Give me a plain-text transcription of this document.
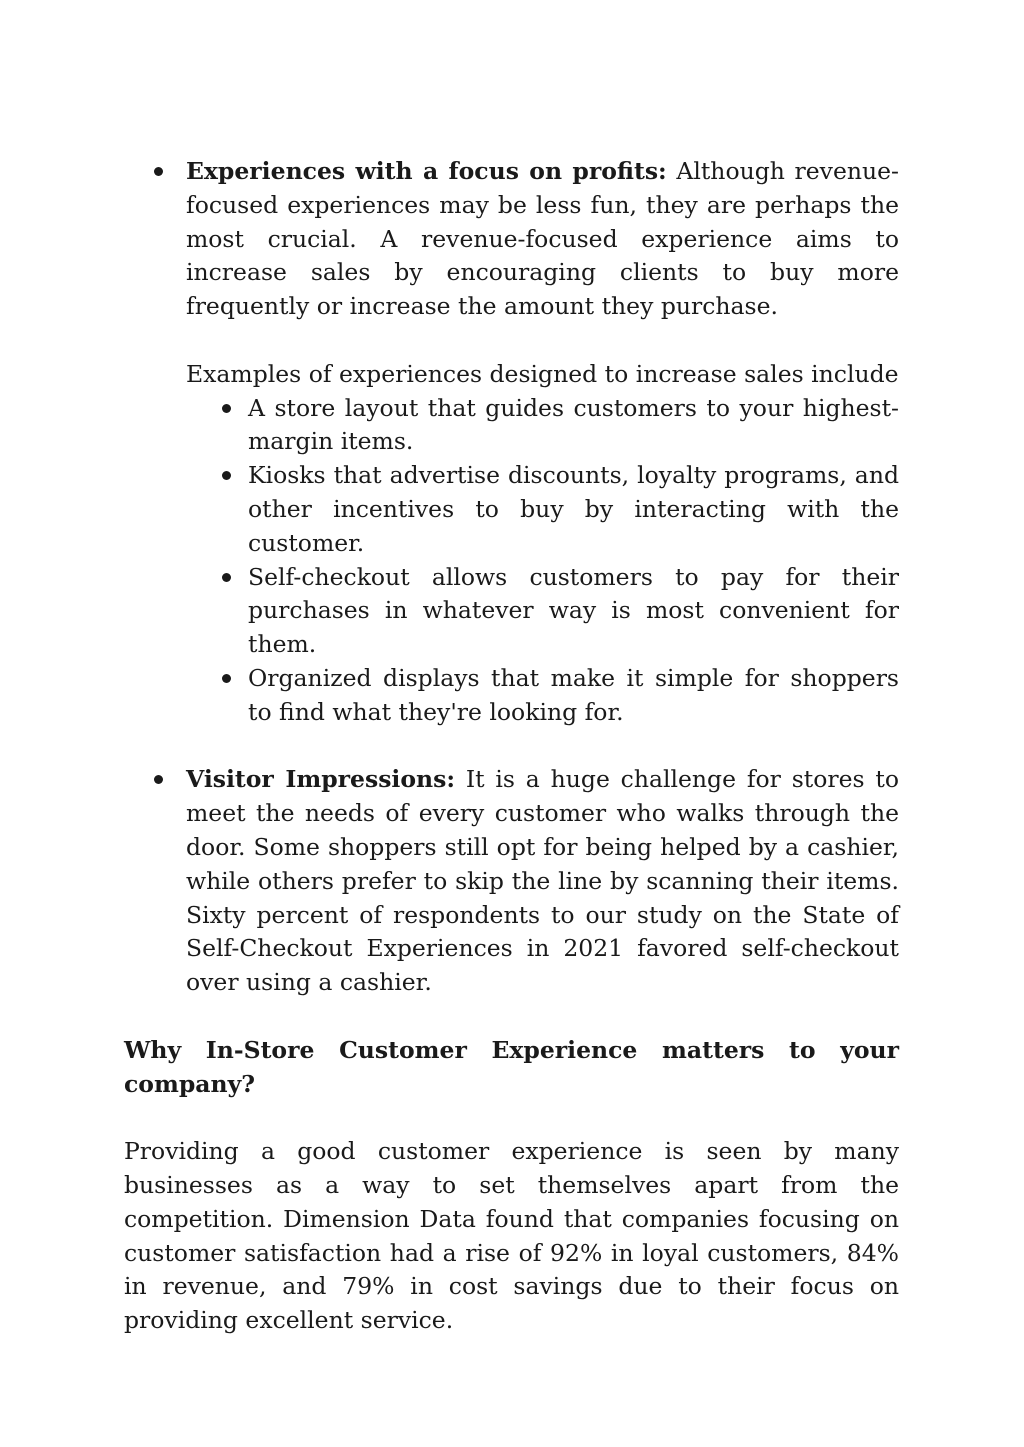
Experiences with a focus on profits: Although revenue-focused experiences may be less fun, they are perhaps the most crucial. A revenue-focused experience aims to increase sales by encouraging clients to buy more frequently or increase the amount they purchase.
Examples of experiences designed to increase sales include
A store layout that guides customers to your highest-margin items.
Kiosks that advertise discounts, loyalty programs, and other incentives to buy by interacting with the customer.
Self-checkout allows customers to pay for their purchases in whatever way is most convenient for them.
Organized displays that make it simple for shoppers to find what they're looking for.
Visitor Impressions: It is a huge challenge for stores to meet the needs of every customer who walks through the door. Some shoppers still opt for being helped by a cashier, while others prefer to skip the line by scanning their items. Sixty percent of respondents to our study on the State of Self-Checkout Experiences in 2021 favored self-checkout over using a cashier.
Why In-Store Customer Experience matters to your company?

Providing a good customer experience is seen by many businesses as a way to set themselves apart from the competition. Dimension Data found that companies focusing on customer satisfaction had a rise of 92% in loyal customers, 84% in revenue, and 79% in cost savings due to their focus on providing excellent service.
